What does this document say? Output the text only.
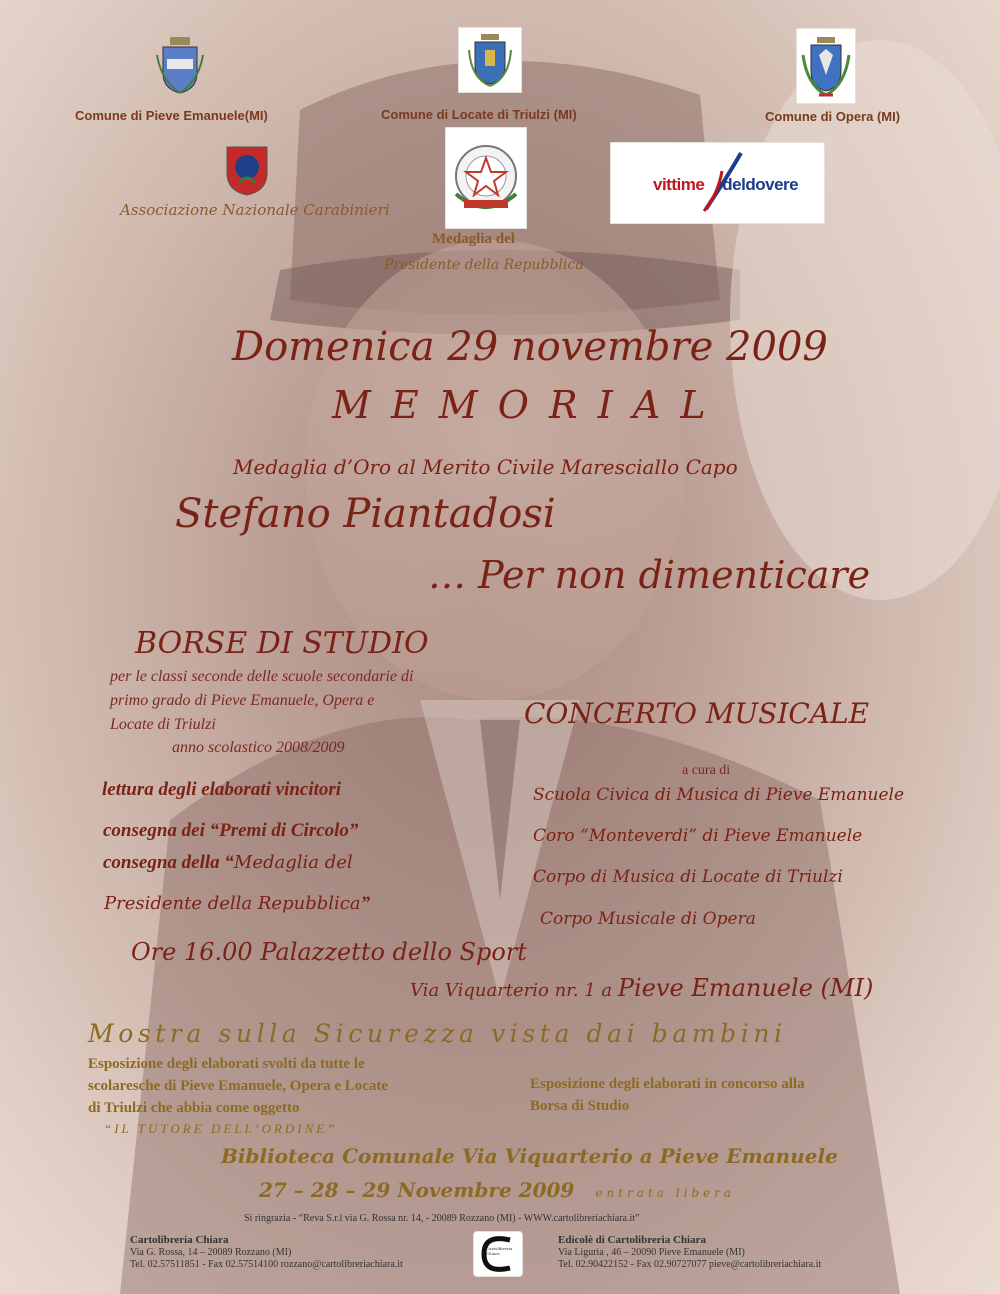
Comune di Pieve Emanuele(MI)	Comune di Locate di Triulzi (MI)	Comune di Opera (MI)
Associazione Nazionale Carabinieri
Medaglia del
Presidente della Repubblica
vittime deldovere
Domenica 29 novembre 2009
M E M O R I A L
Medaglia d’Oro al Merito Civile Maresciallo Capo
Stefano Piantadosi
… Per non dimenticare
BORSE DI STUDIO
per le classi seconde delle scuole secondarie di
primo grado di Pieve Emanuele, Opera e
Locate di Triulzi
anno scolastico 2008/2009
lettura degli elaborati vincitori
consegna dei “Premi di Circolo”
consegna della “Medaglia del
Presidente della Repubblica”
CONCERTO MUSICALE
a cura di
Scuola Civica di Musica di Pieve Emanuele
Coro “Monteverdi” di Pieve Emanuele
Corpo di Musica di Locate di Triulzi
Corpo Musicale di Opera
Ore 16.00 Palazzetto dello Sport
Via Viquarterio nr. 1 a Pieve Emanuele (MI)
Mostra sulla Sicurezza vista dai bambini
Esposizione degli elaborati svolti da tutte le
scolaresche di Pieve Emanuele, Opera e Locate
di Triulzi che abbia come oggetto
“IL TUTORE DELL’ORDINE”
Esposizione degli elaborati in concorso alla
Borsa di Studio
Biblioteca Comunale Via Viquarterio a Pieve Emanuele
27 – 28 – 29 Novembre 2009 entrata libera
Si ringrazia - “Reva S.r.l via G. Rossa nr. 14, - 20089 Rozzano (MI) - WWW.cartolibreriachiara.it”
Cartolibreria Chiara
Via G. Rossa, 14 – 20089 Rozzano (MI)
Tel. 02.57511851 - Fax 02.57514100 rozzano@cartolibreriachiara.it
Cartolibreria Chiara
Edicolè di Cartolibreria Chiara
Via Liguria , 46 – 20090 Pieve Emanuele (MI)
Tel. 02.90422152 - Fax 02.90727077 pieve@cartolibreriachiara.it
